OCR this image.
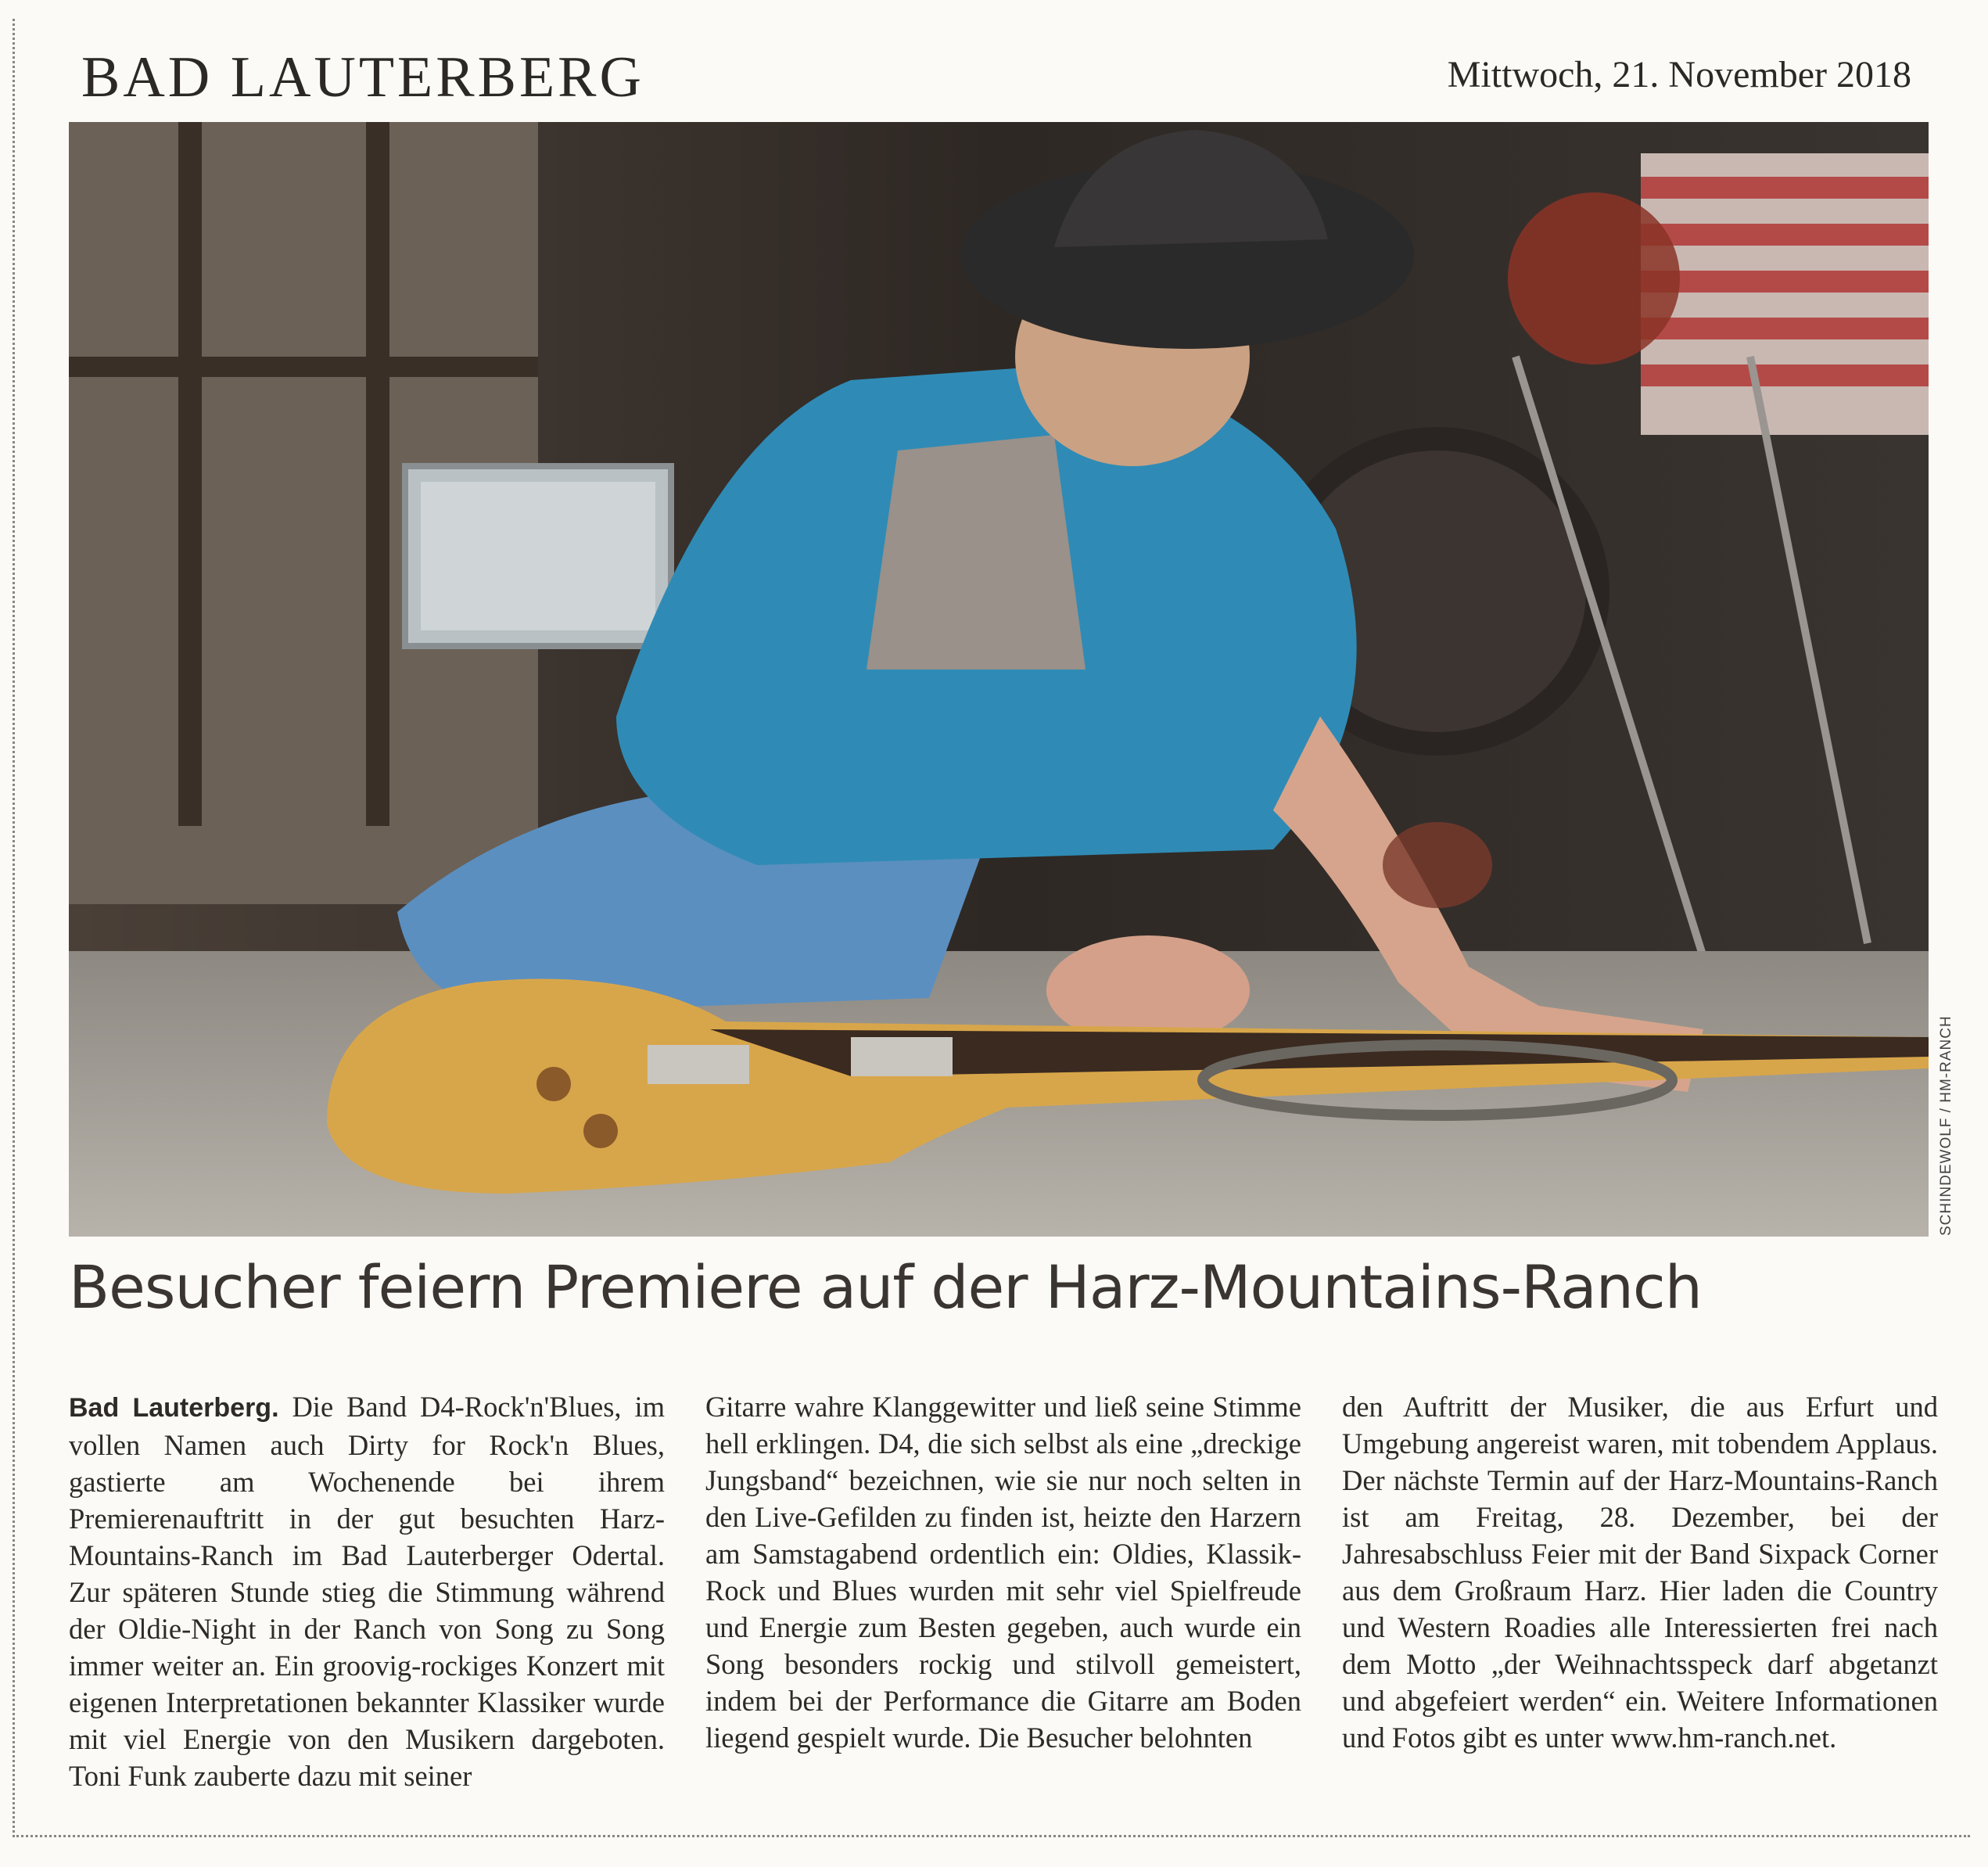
BAD LAUTERBERG	Mittwoch, 21. November 2018
SCHINDEWOLF / HM-RANCH
Besucher feiern Premiere auf der Harz-Mountains-Ranch
Bad Lauterberg. Die Band D4-Rock'n'Blues, im vollen Namen auch Dirty for Rock'n Blues, gastierte am Wochenende bei ihrem Premierenauftritt in der gut besuchten Harz-Mountains-Ranch im Bad Lauterberger Odertal. Zur späteren Stunde stieg die Stimmung während der Oldie-Night in der Ranch von Song zu Song immer weiter an. Ein groovig-rockiges Konzert mit eigenen Interpretationen bekannter Klassiker wurde mit viel Energie von den Musikern dargeboten. Toni Funk zauberte dazu mit seiner
Gitarre wahre Klanggewitter und ließ seine Stimme hell erklingen. D4, die sich selbst als eine „dreckige Jungsband“ bezeichnen, wie sie nur noch selten in den Live-Gefilden zu finden ist, heizte den Harzern am Samstagabend ordentlich ein: Oldies, Klassik-Rock und Blues wurden mit sehr viel Spielfreude und Energie zum Besten gegeben, auch wurde ein Song besonders rockig und stilvoll gemeistert, indem bei der Performance die Gitarre am Boden liegend gespielt wurde. Die Besucher belohnten
den Auftritt der Musiker, die aus Erfurt und Umgebung angereist waren, mit tobendem Applaus. Der nächste Termin auf der Harz-Mountains-Ranch ist am Freitag, 28. Dezember, bei der Jahresabschluss Feier mit der Band Sixpack Corner aus dem Großraum Harz. Hier laden die Country und Western Roadies alle Interessierten frei nach dem Motto „der Weihnachtsspeck darf abgetanzt und abgefeiert werden“ ein. Weitere Informationen und Fotos gibt es unter www.hm-ranch.net.
